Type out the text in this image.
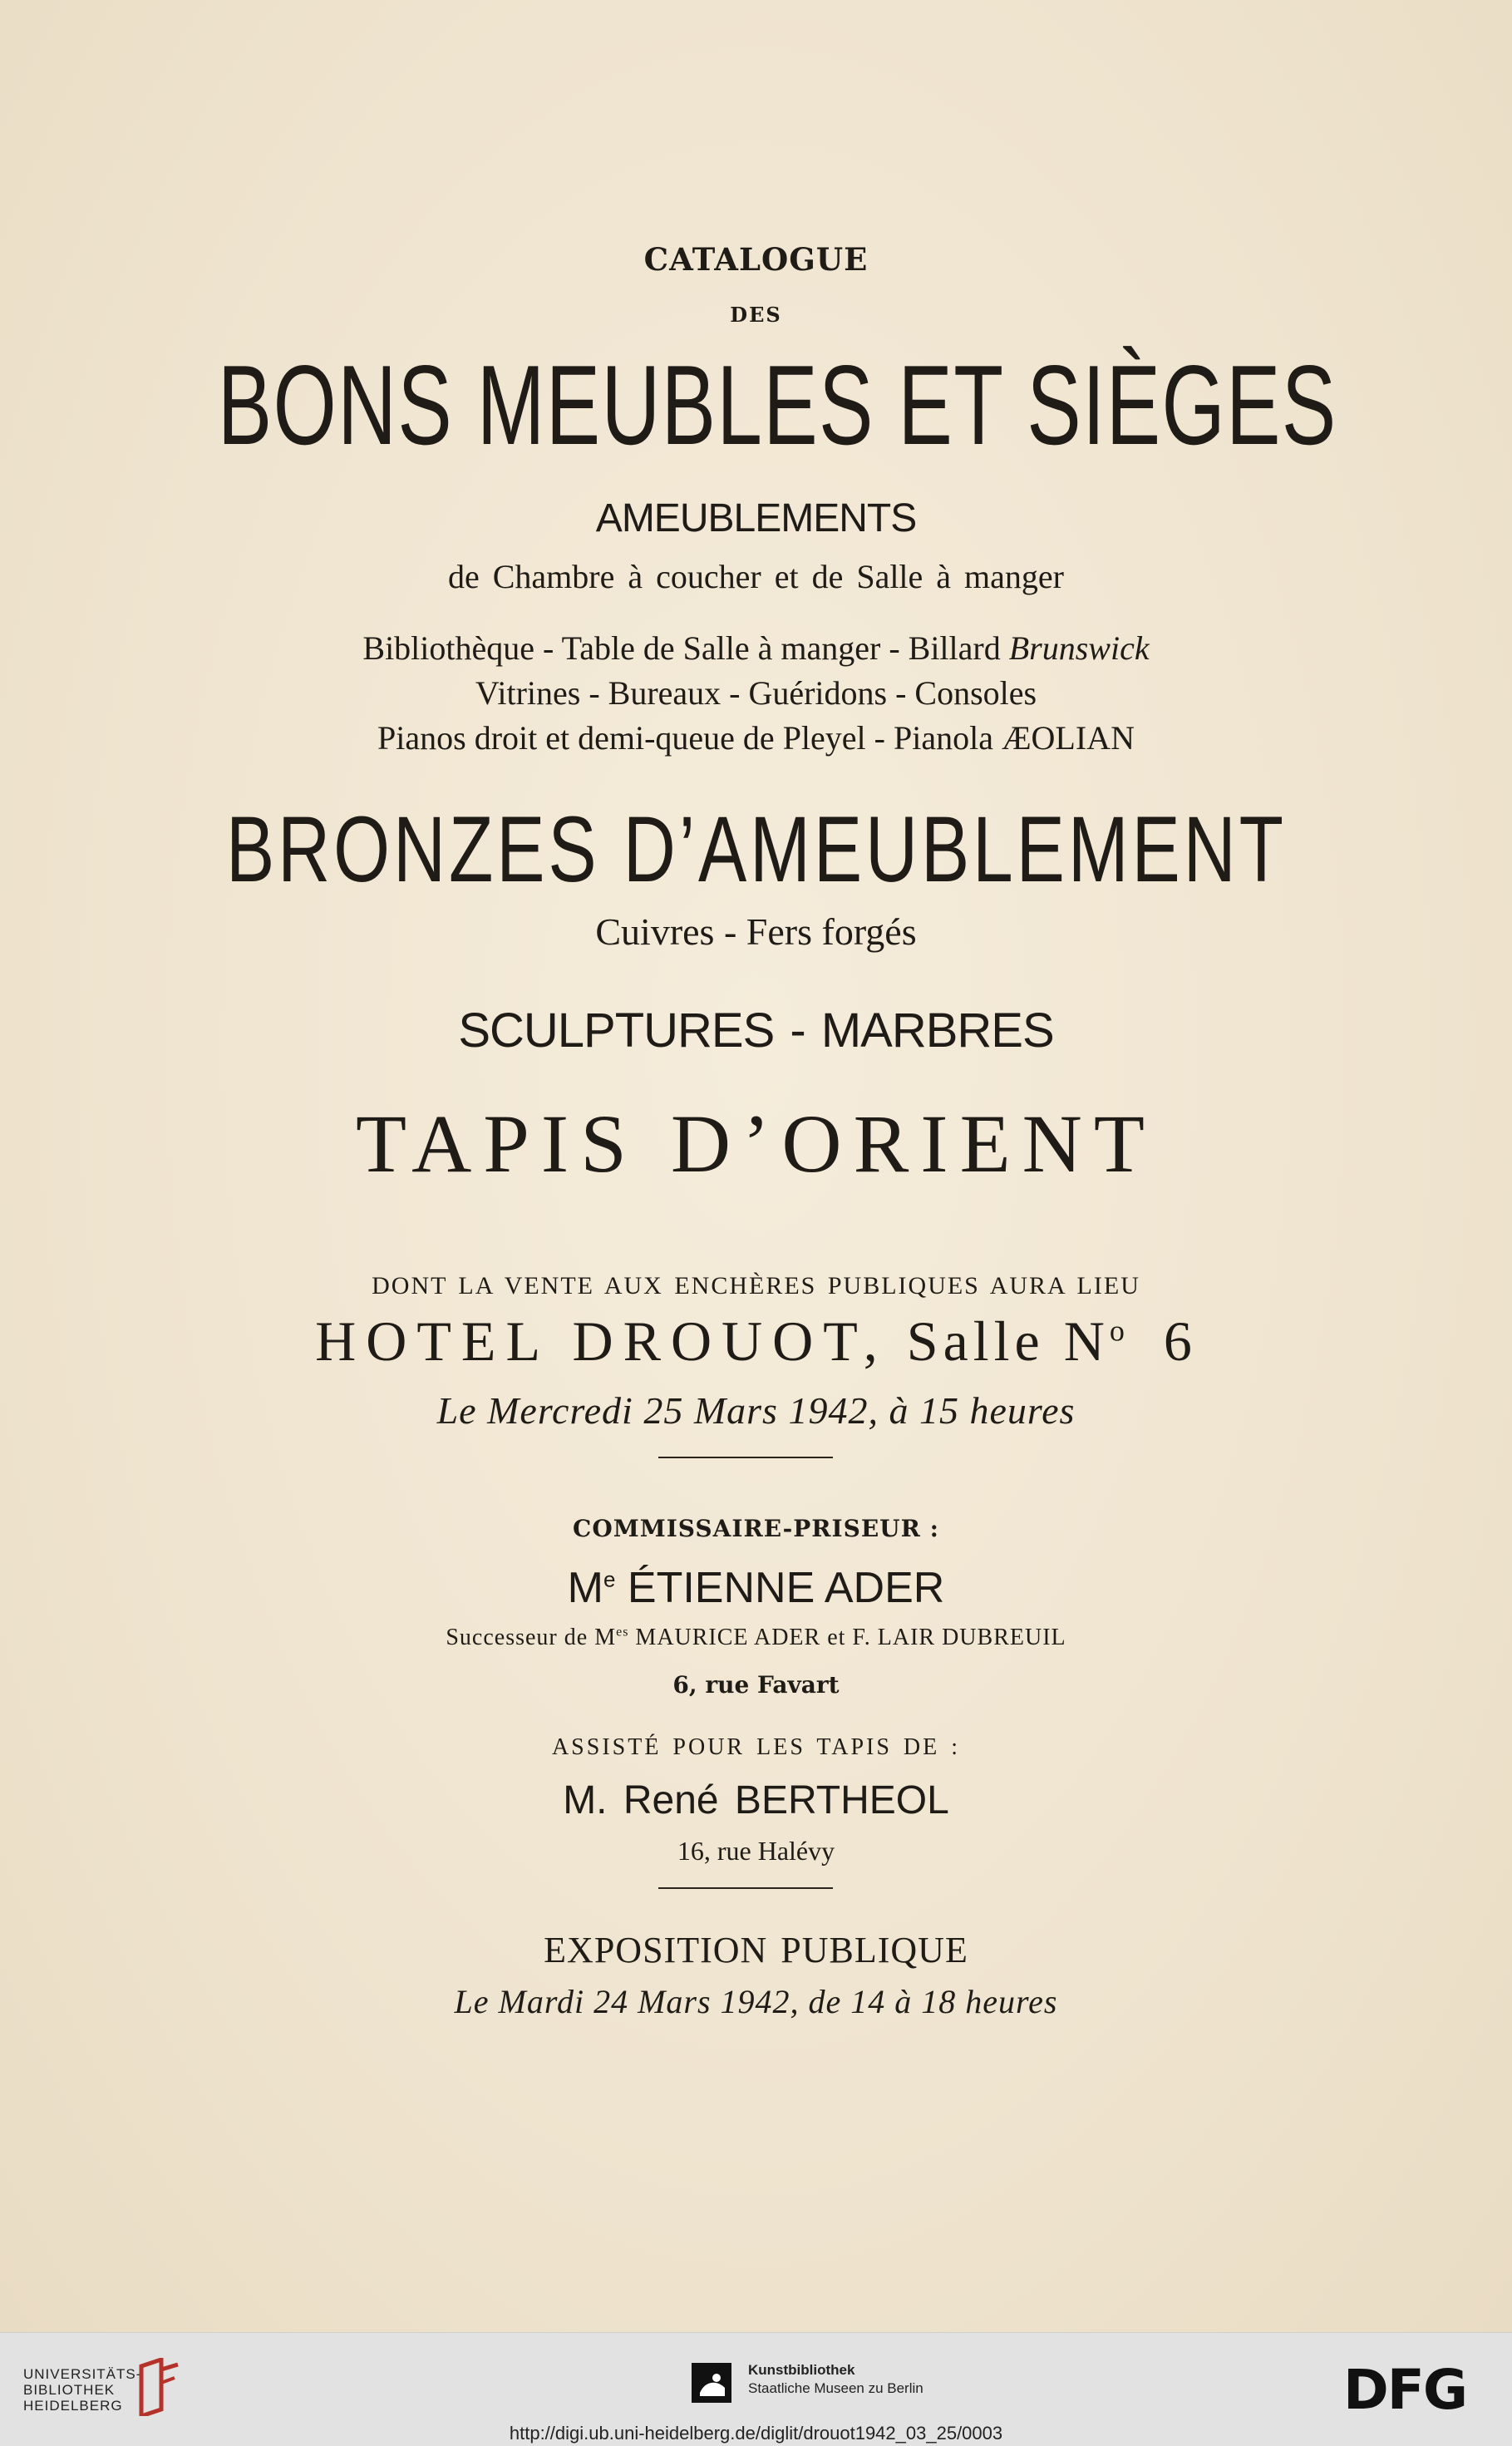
CATALOGUE
DES
BONS MEUBLES ET SIÈGES
AMEUBLEMENTS
de Chambre à coucher et de Salle à manger
Bibliothèque - Table de Salle à manger - Billard Brunswick
Vitrines - Bureaux - Guéridons - Consoles
Pianos droit et demi-queue de Pleyel - Pianola ÆOLIAN
BRONZES D’AMEUBLEMENT
Cuivres - Fers forgés
SCULPTURES - MARBRES
TAPIS D’ORIENT
DONT LA VENTE AUX ENCHÈRES PUBLIQUES AURA LIEU
HOTEL DROUOT, Salle $N^o$ 6
Le Mercredi 25 Mars 1942, à 15 heures
COMMISSAIRE-PRISEUR :
Me ÉTIENNE ADER
Successeur de $M^{es}$ MAURICE ADER et F. LAIR DUBREUIL
6, rue Favart
ASSISTÉ POUR LES TAPIS DE :
M. René BERTHEOL
16, rue Halévy
EXPOSITION PUBLIQUE
Le Mardi 24 Mars 1942, de 14 à 18 heures
UNIVERSITÄTS-
BIBLIOTHEK
HEIDELBERG
Kunstbibliothek
Staatliche Museen zu Berlin	DFG
http://digi.ub.uni-heidelberg.de/diglit/drouot1942_03_25/0003
